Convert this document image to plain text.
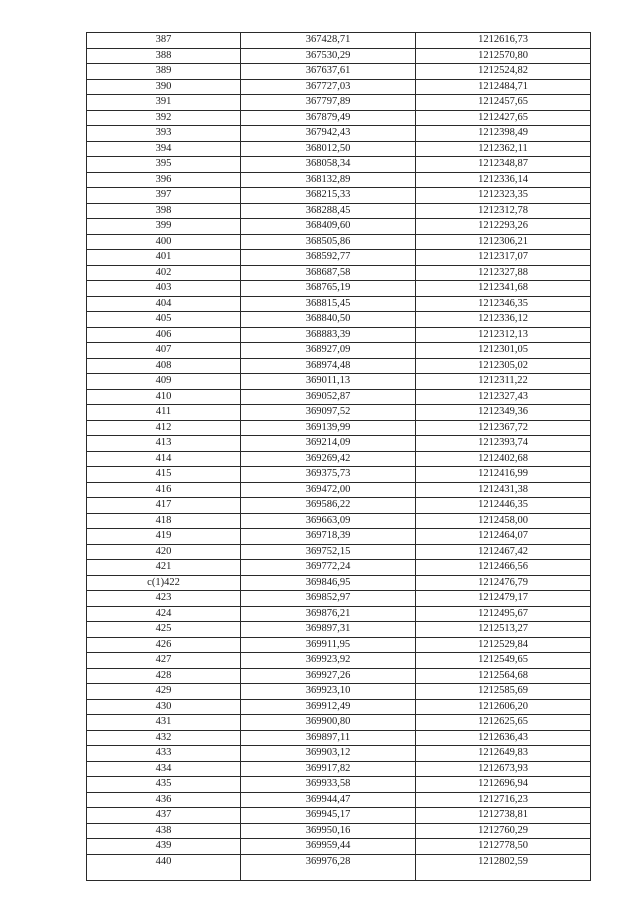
387	367428,71	1212616,73
388	367530,29	1212570,80
389	367637,61	1212524,82
390	367727,03	1212484,71
391	367797,89	1212457,65
392	367879,49	1212427,65
393	367942,43	1212398,49
394	368012,50	1212362,11
395	368058,34	1212348,87
396	368132,89	1212336,14
397	368215,33	1212323,35
398	368288,45	1212312,78
399	368409,60	1212293,26
400	368505,86	1212306,21
401	368592,77	1212317,07
402	368687,58	1212327,88
403	368765,19	1212341,68
404	368815,45	1212346,35
405	368840,50	1212336,12
406	368883,39	1212312,13
407	368927,09	1212301,05
408	368974,48	1212305,02
409	369011,13	1212311,22
410	369052,87	1212327,43
411	369097,52	1212349,36
412	369139,99	1212367,72
413	369214,09	1212393,74
414	369269,42	1212402,68
415	369375,73	1212416,99
416	369472,00	1212431,38
417	369586,22	1212446,35
418	369663,09	1212458,00
419	369718,39	1212464,07
420	369752,15	1212467,42
421	369772,24	1212466,56
c(1)422	369846,95	1212476,79
423	369852,97	1212479,17
424	369876,21	1212495,67
425	369897,31	1212513,27
426	369911,95	1212529,84
427	369923,92	1212549,65
428	369927,26	1212564,68
429	369923,10	1212585,69
430	369912,49	1212606,20
431	369900,80	1212625,65
432	369897,11	1212636,43
433	369903,12	1212649,83
434	369917,82	1212673,93
435	369933,58	1212696,94
436	369944,47	1212716,23
437	369945,17	1212738,81
438	369950,16	1212760,29
439	369959,44	1212778,50
440	369976,28	1212802,59
